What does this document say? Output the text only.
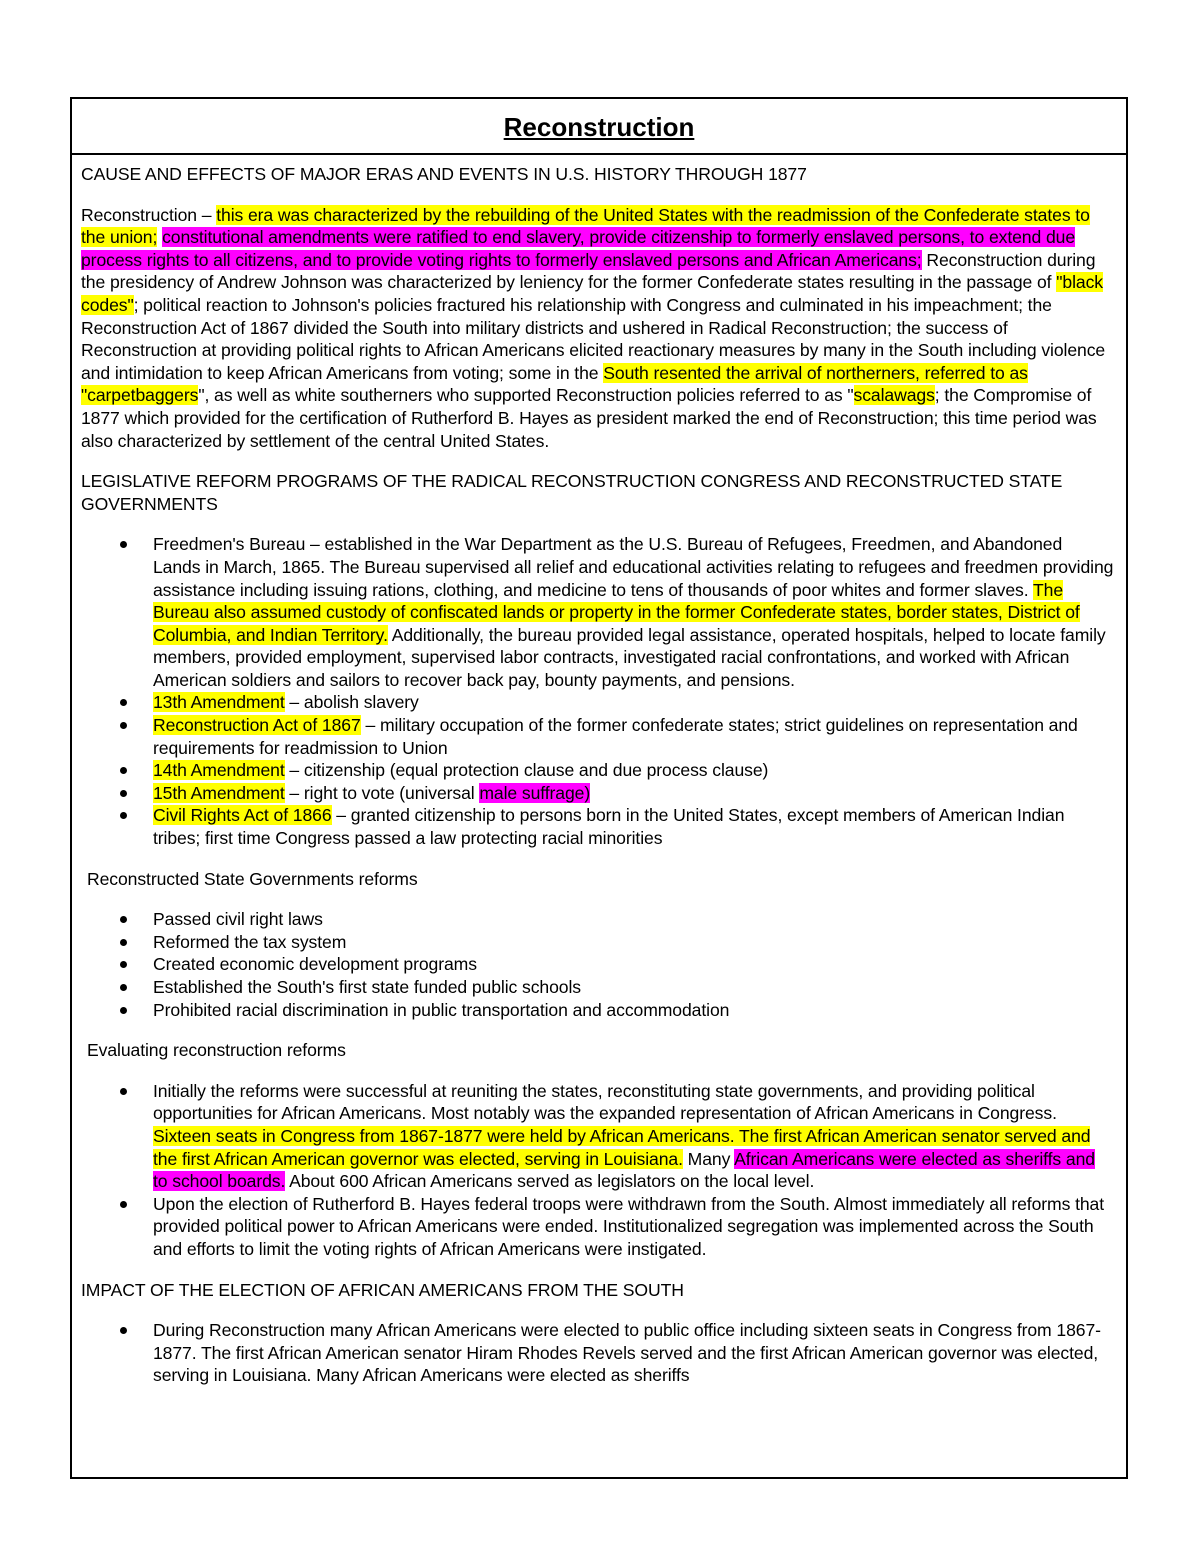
Reconstruction

CAUSE AND EFFECTS OF MAJOR ERAS AND EVENTS IN U.S. HISTORY THROUGH 1877

Reconstruction – this era was characterized by the rebuilding of the United States with the readmission of the Confederate states to the union; constitutional amendments were ratified to end slavery, provide citizenship to formerly enslaved persons, to extend due process rights to all citizens, and to provide voting rights to formerly enslaved persons and African Americans; Reconstruction during the presidency of Andrew Johnson was characterized by leniency for the former Confederate states resulting in the passage of "black codes"; political reaction to Johnson's policies fractured his relationship with Congress and culminated in his impeachment; the Reconstruction Act of 1867 divided the South into military districts and ushered in Radical Reconstruction; the success of Reconstruction at providing political rights to African Americans elicited reactionary measures by many in the South including violence and intimidation to keep African Americans from voting; some in the South resented the arrival of northerners, referred to as "carpetbaggers", as well as white southerners who supported Reconstruction policies referred to as "scalawags; the Compromise of 1877 which provided for the certification of Rutherford B. Hayes as president marked the end of Reconstruction; this time period was also characterized by settlement of the central United States.

LEGISLATIVE REFORM PROGRAMS OF THE RADICAL RECONSTRUCTION CONGRESS AND RECONSTRUCTED STATE GOVERNMENTS

Freedmen's Bureau – established in the War Department as the U.S. Bureau of Refugees, Freedmen, and Abandoned Lands in March, 1865. The Bureau supervised all relief and educational activities relating to refugees and freedmen providing assistance including issuing rations, clothing, and medicine to tens of thousands of poor whites and former slaves. The Bureau also assumed custody of confiscated lands or property in the former Confederate states, border states, District of Columbia, and Indian Territory. Additionally, the bureau provided legal assistance, operated hospitals, helped to locate family members, provided employment, supervised labor contracts, investigated racial confrontations, and worked with African American soldiers and sailors to recover back pay, bounty payments, and pensions.
13th Amendment – abolish slavery
Reconstruction Act of 1867 – military occupation of the former confederate states; strict guidelines on representation and requirements for readmission to Union
14th Amendment – citizenship (equal protection clause and due process clause)
15th Amendment – right to vote (universal male suffrage)
Civil Rights Act of 1866 – granted citizenship to persons born in the United States, except members of American Indian tribes; first time Congress passed a law protecting racial minorities

Reconstructed State Governments reforms

Passed civil right laws
Reformed the tax system
Created economic development programs
Established the South's first state funded public schools
Prohibited racial discrimination in public transportation and accommodation

Evaluating reconstruction reforms

Initially the reforms were successful at reuniting the states, reconstituting state governments, and providing political opportunities for African Americans. Most notably was the expanded representation of African Americans in Congress. Sixteen seats in Congress from 1867-1877 were held by African Americans. The first African American senator served and the first African American governor was elected, serving in Louisiana. Many African Americans were elected as sheriffs and to school boards. About 600 African Americans served as legislators on the local level.
Upon the election of Rutherford B. Hayes federal troops were withdrawn from the South. Almost immediately all reforms that provided political power to African Americans were ended. Institutionalized segregation was implemented across the South and efforts to limit the voting rights of African Americans were instigated.

IMPACT OF THE ELECTION OF AFRICAN AMERICANS FROM THE SOUTH

During Reconstruction many African Americans were elected to public office including sixteen seats in Congress from 1867-1877. The first African American senator Hiram Rhodes Revels served and the first African American governor was elected, serving in Louisiana. Many African Americans were elected as sheriffs
